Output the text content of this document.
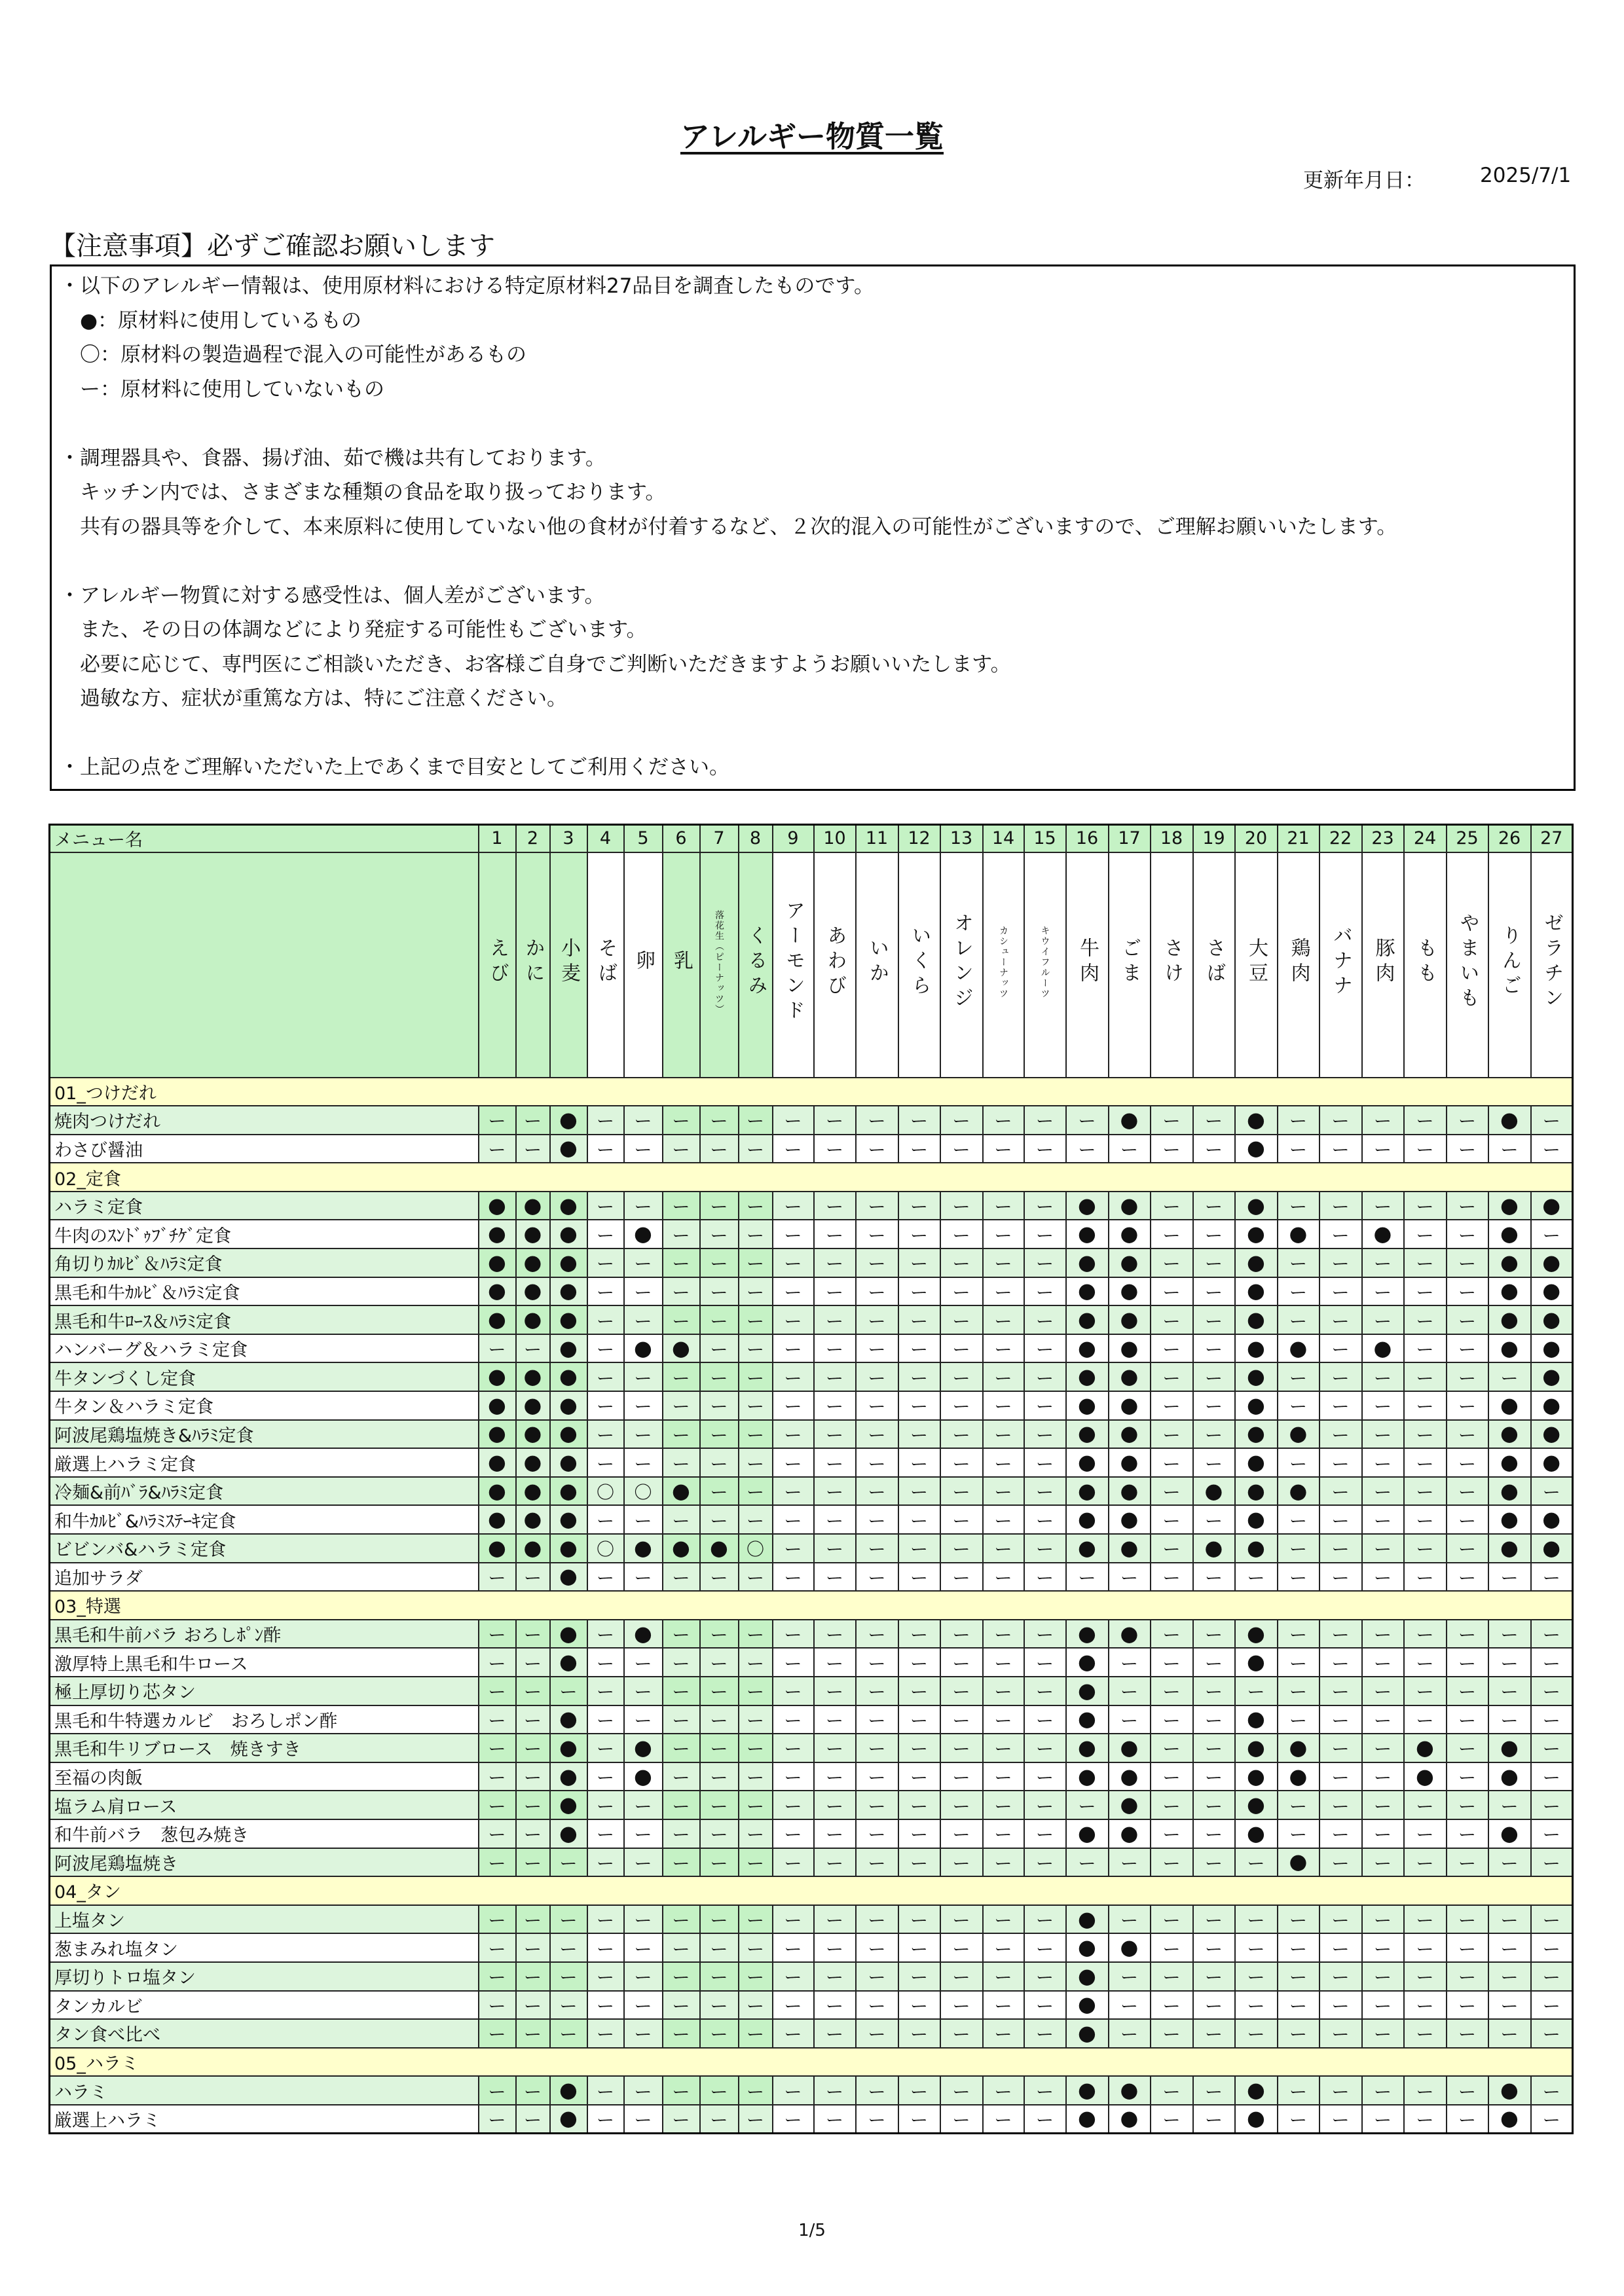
アレルギー物質一覧
更新年月日：	2025/7/1
【注意事項】必ずご確認お願いします
・以下のアレルギー情報は、使用原材料における特定原材料27品目を調査したものです。
　●：原材料に使用しているもの
　〇：原材料の製造過程で混入の可能性があるもの
　ー：原材料に使用していないもの
・調理器具や、食器、揚げ油、茹で機は共有しております。
　キッチン内では、さまざまな種類の食品を取り扱っております。
　共有の器具等を介して、本来原料に使用していない他の食材が付着するなど、２次的混入の可能性がございますので、ご理解お願いいたします。
・アレルギー物質に対する感受性は、個人差がございます。
　また、その日の体調などにより発症する可能性もございます。
　必要に応じて、専門医にご相談いただき、お客様ご自身でご判断いただきますようお願いいたします。
　過敏な方、症状が重篤な方は、特にご注意ください。
・上記の点をご理解いただいた上であくまで目安としてご利用ください。
メニュー名	1	2	3	4	5	6	7	8	9	10	11	12	13	14	15	16	17	18	19	20	21	22	23	24	25	26	27
	えび	かに	小麦	そば	卵	乳	落花生（ピーナッツ）	くるみ	アーモンド	あわび	いか	いくら	オレンジ	カシューナッツ	キウイフルーツ	牛肉	ごま	さけ	さば	大豆	鶏肉	バナナ	豚肉	もも	やまいも	りんご	ゼラチン
01_つけだれ																											
焼肉つけだれ	ー	ー	●	ー	ー	ー	ー	ー	ー	ー	ー	ー	ー	ー	ー	ー	●	ー	ー	●	ー	ー	ー	ー	ー	●	ー
わさび醤油	ー	ー	●	ー	ー	ー	ー	ー	ー	ー	ー	ー	ー	ー	ー	ー	ー	ー	ー	●	ー	ー	ー	ー	ー	ー	ー
02_定食																											
ハラミ定食	●	●	●	ー	ー	ー	ー	ー	ー	ー	ー	ー	ー	ー	ー	●	●	ー	ー	●	ー	ー	ー	ー	ー	●	●
牛肉のｽﾝﾄﾞｩﾌﾞﾁｹﾞ定食	●	●	●	ー	●	ー	ー	ー	ー	ー	ー	ー	ー	ー	ー	●	●	ー	ー	●	●	ー	●	ー	ー	●	ー
角切りｶﾙﾋﾞ＆ﾊﾗﾐ定食	●	●	●	ー	ー	ー	ー	ー	ー	ー	ー	ー	ー	ー	ー	●	●	ー	ー	●	ー	ー	ー	ー	ー	●	●
黒毛和牛ｶﾙﾋﾞ＆ﾊﾗﾐ定食	●	●	●	ー	ー	ー	ー	ー	ー	ー	ー	ー	ー	ー	ー	●	●	ー	ー	●	ー	ー	ー	ー	ー	●	●
黒毛和牛ﾛｰｽ＆ﾊﾗﾐ定食	●	●	●	ー	ー	ー	ー	ー	ー	ー	ー	ー	ー	ー	ー	●	●	ー	ー	●	ー	ー	ー	ー	ー	●	●
ハンバーグ＆ハラミ定食	ー	ー	●	ー	●	●	ー	ー	ー	ー	ー	ー	ー	ー	ー	●	●	ー	ー	●	●	ー	●	ー	ー	●	●
牛タンづくし定食	●	●	●	ー	ー	ー	ー	ー	ー	ー	ー	ー	ー	ー	ー	●	●	ー	ー	●	ー	ー	ー	ー	ー	ー	●
牛タン＆ハラミ定食	●	●	●	ー	ー	ー	ー	ー	ー	ー	ー	ー	ー	ー	ー	●	●	ー	ー	●	ー	ー	ー	ー	ー	●	●
阿波尾鶏塩焼き&ﾊﾗﾐ定食	●	●	●	ー	ー	ー	ー	ー	ー	ー	ー	ー	ー	ー	ー	●	●	ー	ー	●	●	ー	ー	ー	ー	●	●
厳選上ハラミ定食	●	●	●	ー	ー	ー	ー	ー	ー	ー	ー	ー	ー	ー	ー	●	●	ー	ー	●	ー	ー	ー	ー	ー	●	●
冷麺&前ﾊﾞﾗ&ﾊﾗﾐ定食	●	●	●	〇	〇	●	ー	ー	ー	ー	ー	ー	ー	ー	ー	●	●	ー	●	●	●	ー	ー	ー	ー	●	ー
和牛ｶﾙﾋﾞ&ﾊﾗﾐｽﾃｰｷ定食	●	●	●	ー	ー	ー	ー	ー	ー	ー	ー	ー	ー	ー	ー	●	●	ー	ー	●	ー	ー	ー	ー	ー	●	●
ビビンバ&ハラミ定食	●	●	●	〇	●	●	●	〇	ー	ー	ー	ー	ー	ー	ー	●	●	ー	●	●	ー	ー	ー	ー	ー	●	●
追加サラダ	ー	ー	●	ー	ー	ー	ー	ー	ー	ー	ー	ー	ー	ー	ー	ー	ー	ー	ー	ー	ー	ー	ー	ー	ー	ー	ー
03_特選																											
黒毛和牛前バラ おろしﾎﾟﾝ酢	ー	ー	●	ー	●	ー	ー	ー	ー	ー	ー	ー	ー	ー	ー	●	●	ー	ー	●	ー	ー	ー	ー	ー	ー	ー
激厚特上黒毛和牛ロース	ー	ー	●	ー	ー	ー	ー	ー	ー	ー	ー	ー	ー	ー	ー	●	ー	ー	ー	●	ー	ー	ー	ー	ー	ー	ー
極上厚切り芯タン	ー	ー	ー	ー	ー	ー	ー	ー	ー	ー	ー	ー	ー	ー	ー	●	ー	ー	ー	ー	ー	ー	ー	ー	ー	ー	ー
黒毛和牛特選カルビ　おろしポン酢	ー	ー	●	ー	ー	ー	ー	ー	ー	ー	ー	ー	ー	ー	ー	●	ー	ー	ー	●	ー	ー	ー	ー	ー	ー	ー
黒毛和牛リブロース　焼きすき	ー	ー	●	ー	●	ー	ー	ー	ー	ー	ー	ー	ー	ー	ー	●	●	ー	ー	●	●	ー	ー	●	ー	●	ー
至福の肉飯	ー	ー	●	ー	●	ー	ー	ー	ー	ー	ー	ー	ー	ー	ー	●	●	ー	ー	●	●	ー	ー	●	ー	●	ー
塩ラム肩ロース	ー	ー	●	ー	ー	ー	ー	ー	ー	ー	ー	ー	ー	ー	ー	ー	●	ー	ー	●	ー	ー	ー	ー	ー	ー	ー
和牛前バラ　葱包み焼き	ー	ー	●	ー	ー	ー	ー	ー	ー	ー	ー	ー	ー	ー	ー	●	●	ー	ー	●	ー	ー	ー	ー	ー	●	ー
阿波尾鶏塩焼き	ー	ー	ー	ー	ー	ー	ー	ー	ー	ー	ー	ー	ー	ー	ー	ー	ー	ー	ー	ー	●	ー	ー	ー	ー	ー	ー
04_タン																											
上塩タン	ー	ー	ー	ー	ー	ー	ー	ー	ー	ー	ー	ー	ー	ー	ー	●	ー	ー	ー	ー	ー	ー	ー	ー	ー	ー	ー
葱まみれ塩タン	ー	ー	ー	ー	ー	ー	ー	ー	ー	ー	ー	ー	ー	ー	ー	●	●	ー	ー	ー	ー	ー	ー	ー	ー	ー	ー
厚切りトロ塩タン	ー	ー	ー	ー	ー	ー	ー	ー	ー	ー	ー	ー	ー	ー	ー	●	ー	ー	ー	ー	ー	ー	ー	ー	ー	ー	ー
タンカルビ	ー	ー	ー	ー	ー	ー	ー	ー	ー	ー	ー	ー	ー	ー	ー	●	ー	ー	ー	ー	ー	ー	ー	ー	ー	ー	ー
タン食べ比べ	ー	ー	ー	ー	ー	ー	ー	ー	ー	ー	ー	ー	ー	ー	ー	●	ー	ー	ー	ー	ー	ー	ー	ー	ー	ー	ー
05_ハラミ																											
ハラミ	ー	ー	●	ー	ー	ー	ー	ー	ー	ー	ー	ー	ー	ー	ー	●	●	ー	ー	●	ー	ー	ー	ー	ー	●	ー
厳選上ハラミ	ー	ー	●	ー	ー	ー	ー	ー	ー	ー	ー	ー	ー	ー	ー	●	●	ー	ー	●	ー	ー	ー	ー	ー	●	ー
1/5
